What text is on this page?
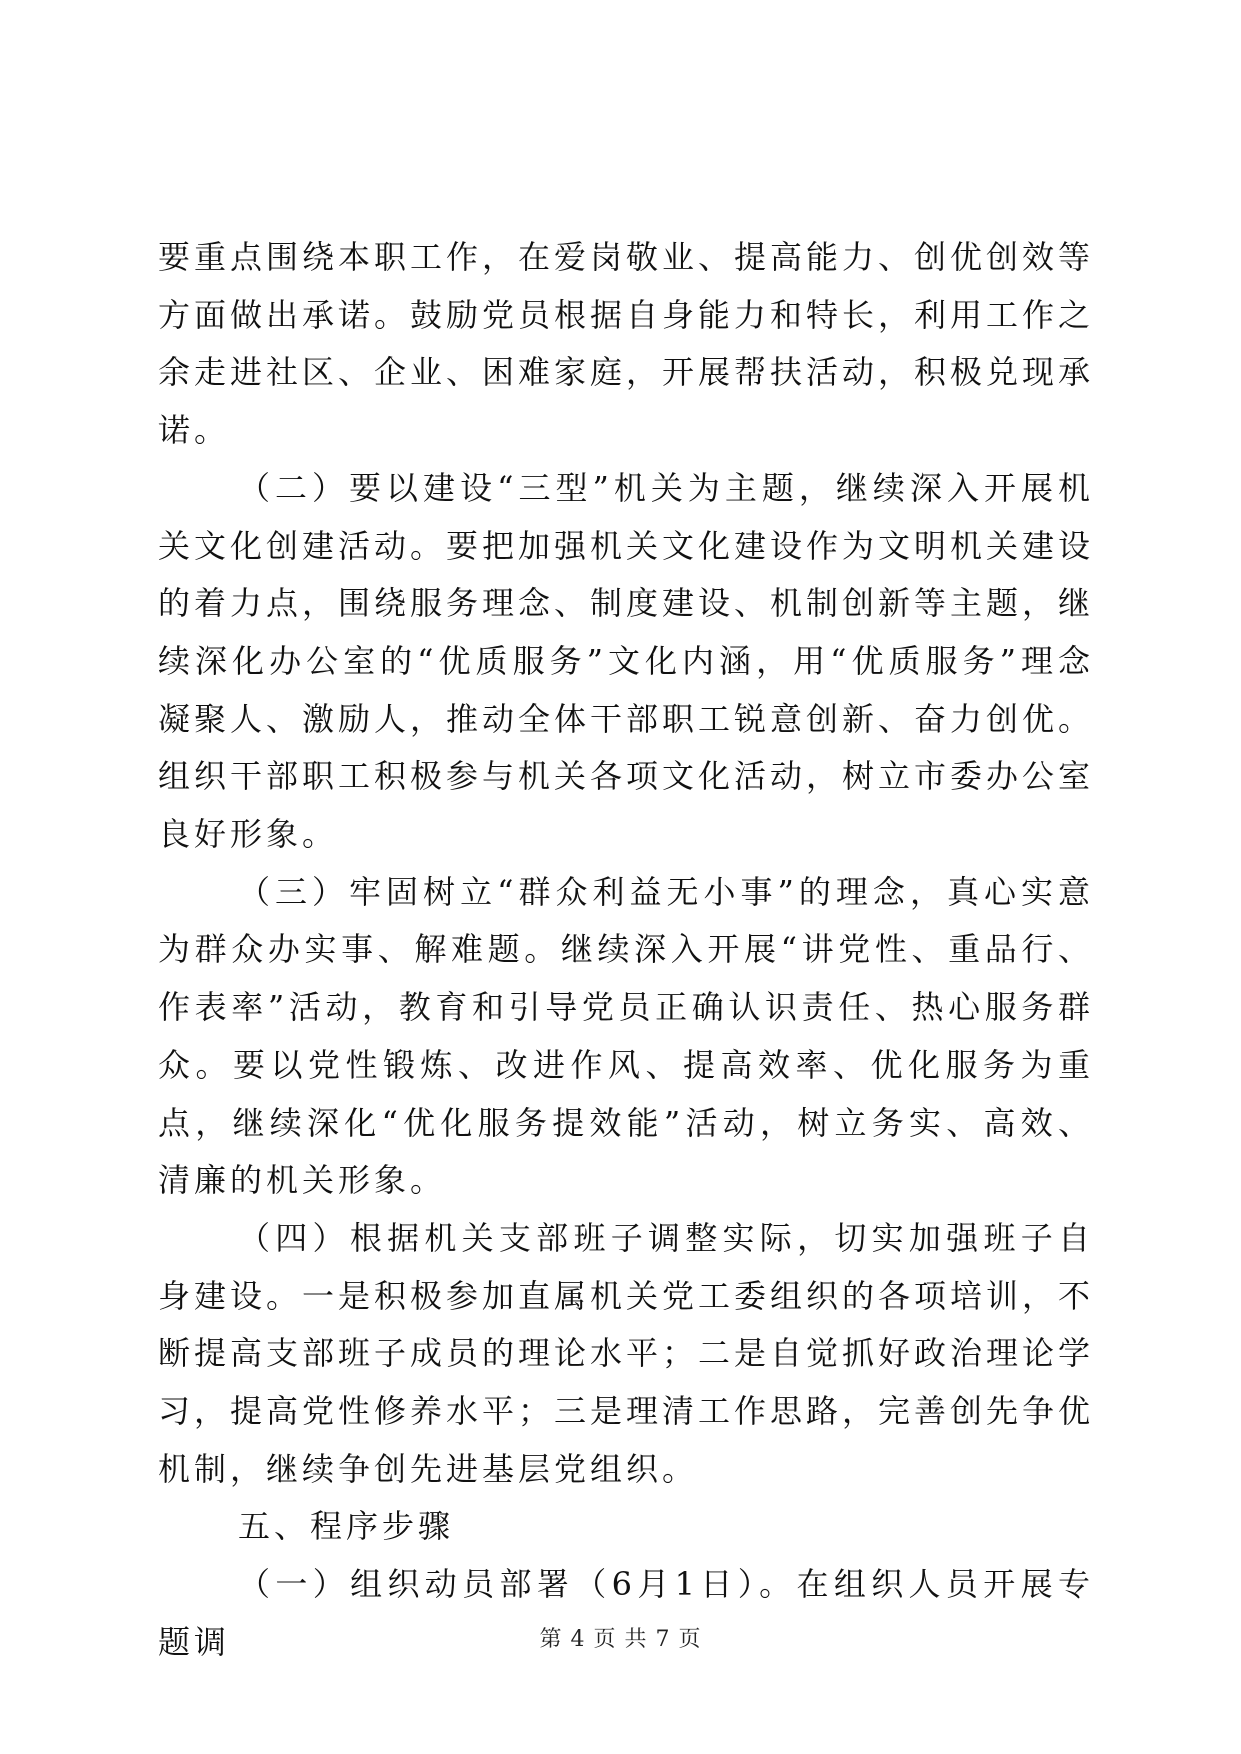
要重点围绕本职工作，在爱岗敬业、提高能力、创优创效等方面做出承诺。鼓励党员根据自身能力和特长，利用工作之余走进社区、企业、困难家庭，开展帮扶活动，积极兑现承诺。

（二）要以建设“三型”机关为主题，继续深入开展机关文化创建活动。要把加强机关文化建设作为文明机关建设的着力点，围绕服务理念、制度建设、机制创新等主题，继续深化办公室的“优质服务”文化内涵，用“优质服务”理念凝聚人、激励人，推动全体干部职工锐意创新、奋力创优。组织干部职工积极参与机关各项文化活动，树立市委办公室良好形象。

（三）牢固树立“群众利益无小事”的理念，真心实意为群众办实事、解难题。继续深入开展“讲党性、重品行、作表率”活动，教育和引导党员正确认识责任、热心服务群众。要以党性锻炼、改进作风、提高效率、优化服务为重点，继续深化“优化服务提效能”活动，树立务实、高效、清廉的机关形象。

（四）根据机关支部班子调整实际，切实加强班子自身建设。一是积极参加直属机关党工委组织的各项培训，不断提高支部班子成员的理论水平；二是自觉抓好政治理论学习，提高党性修养水平；三是理清工作思路，完善创先争优机制，继续争创先进基层党组织。

五、程序步骤

（一）组织动员部署（6月1日）。在组织人员开展专题调	第 4 页 共 7 页
